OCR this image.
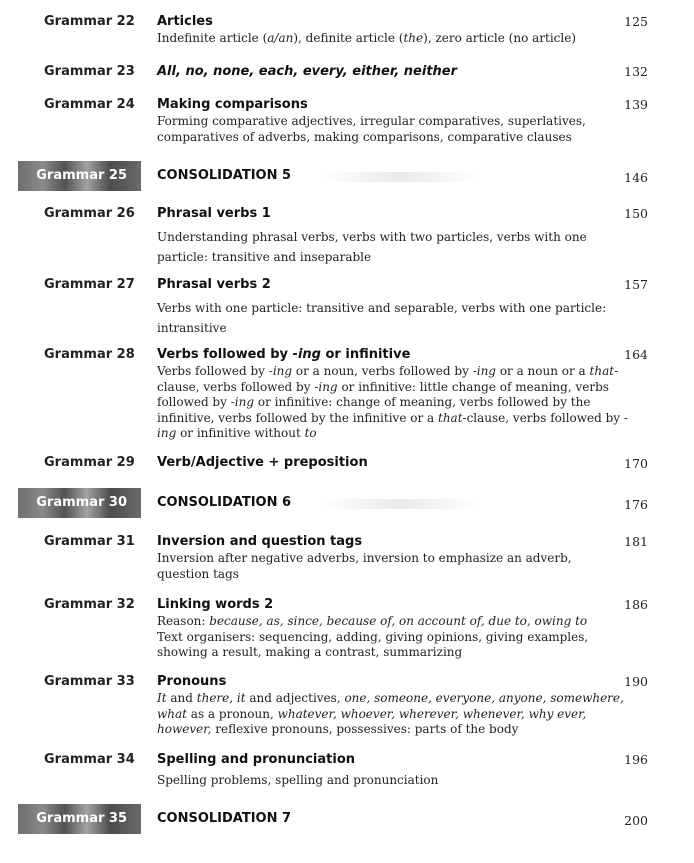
Grammar 22 Articles
Indefinite article (a/an), definite article (the), zero article (no article)
125
Grammar 23 All, no, none, each, every, either, neither	132
Grammar 24 Making comparisons
Forming comparative adjectives, irregular comparatives, superlatives, comparatives of adverbs, making comparisons, comparative clauses
139
Grammar 25 CONSOLIDATION 5	146
Grammar 26 Phrasal verbs 1
Understanding phrasal verbs, verbs with two particles, verbs with one particle: transitive and inseparable
150
Grammar 27 Phrasal verbs 2
Verbs with one particle: transitive and separable, verbs with one particle: intransitive
157
Grammar 28 Verbs followed by -ing or infinitive
Verbs followed by -ing or a noun, verbs followed by -ing or a noun or a that-clause, verbs followed by -ing or infinitive: little change of meaning, verbs followed by -ing or infinitive: change of meaning, verbs followed by the infinitive, verbs followed by the infinitive or a that-clause, verbs followed by -ing or infinitive without to
164
Grammar 29 Verb/Adjective + preposition	170
Grammar 30 CONSOLIDATION 6	176
Grammar 31 Inversion and question tags
Inversion after negative adverbs, inversion to emphasize an adverb, question tags
181
Grammar 32 Linking words 2
Reason: because, as, since, because of, on account of, due to, owing to
Text organisers: sequencing, adding, giving opinions, giving examples, showing a result, making a contrast, summarizing
186
Grammar 33 Pronouns
It and there, it and adjectives, one, someone, everyone, anyone, somewhere, what as a pronoun, whatever, whoever, wherever, whenever, why ever, however, reflexive pronouns, possessives: parts of the body
190
Grammar 34 Spelling and pronunciation
Spelling problems, spelling and pronunciation
196
Grammar 35 CONSOLIDATION 7	200
